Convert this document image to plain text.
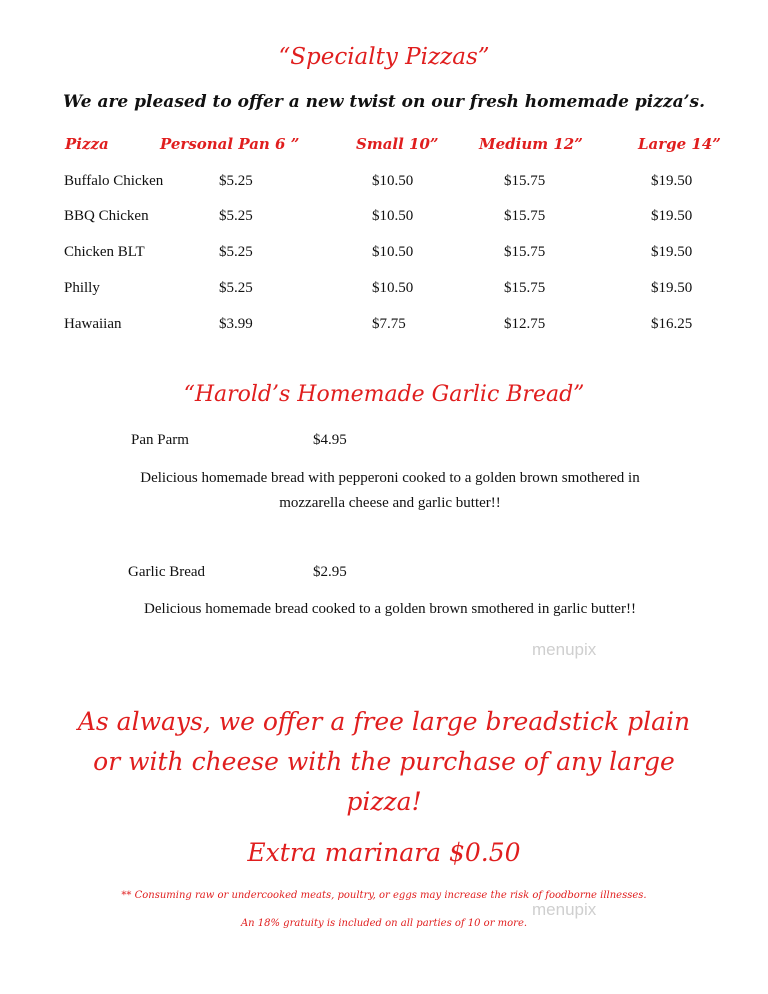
“Specialty Pizzas”
We are pleased to offer a new twist on our fresh homemade pizza’s.
Pizza	Personal Pan 6 ”	Small 10”	Medium 12”	Large 14”
Buffalo Chicken	$5.25	$10.50	$15.75	$19.50
BBQ Chicken	$5.25	$10.50	$15.75	$19.50
Chicken BLT	$5.25	$10.50	$15.75	$19.50
Philly	$5.25	$10.50	$15.75	$19.50
Hawaiian	$3.99	$7.75	$12.75	$16.25
“Harold’s Homemade Garlic Bread”
Pan Parm	$4.95
Delicious homemade bread with pepperoni cooked to a golden brown smothered in
mozzarella cheese and garlic butter!!
Garlic Bread	$2.95
Delicious homemade bread cooked to a golden brown smothered in garlic butter!!
As always, we offer a free large breadstick plain
or with cheese with the purchase of any large
pizza!
Extra marinara $0.50
** Consuming raw or undercooked meats, poultry, or eggs may increase the risk of foodborne illnesses.
An 18% gratuity is included on all parties of 10 or more.
menupix
menupix
